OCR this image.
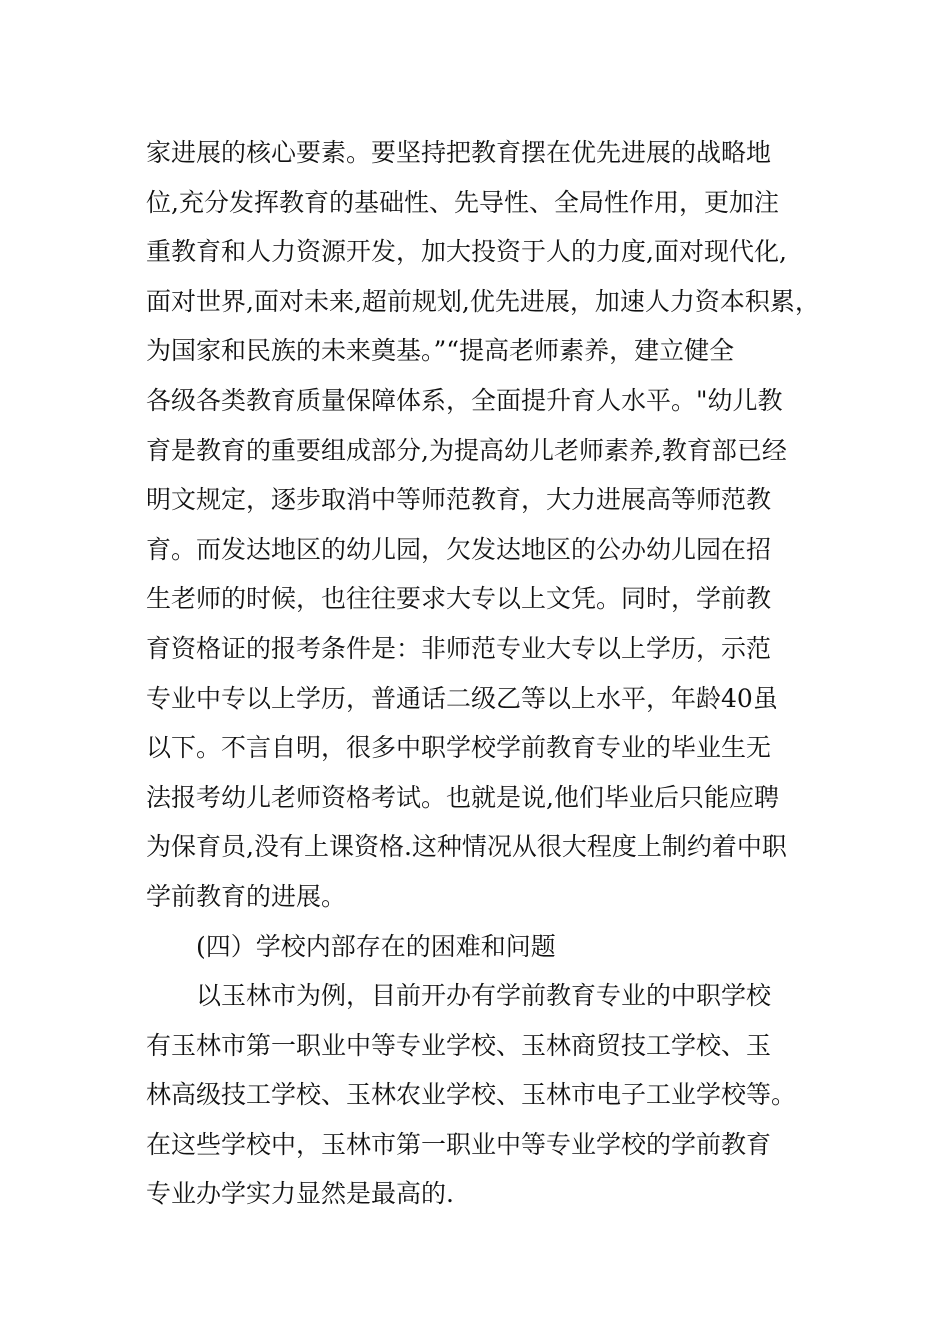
家进展的核心要素。要坚持把教育摆在优先进展的战略地
位,充分发挥教育的基础性、先导性、全局性作用，更加注
重教育和人力资源开发，加大投资于人的力度,面对现代化,
面对世界,面对未来,超前规划,优先进展，加速人力资本积累，
为国家和民族的未来奠基。”“提高老师素养，建立健全
各级各类教育质量保障体系，全面提升育人水平。"幼儿教
育是教育的重要组成部分,为提高幼儿老师素养,教育部已经
明文规定，逐步取消中等师范教育，大力进展高等师范教
育。而发达地区的幼儿园，欠发达地区的公办幼儿园在招
生老师的时候，也往往要求大专以上文凭。同时，学前教
育资格证的报考条件是：非师范专业大专以上学历，示范
专业中专以上学历，普通话二级乙等以上水平，年龄40虽
以下。不言自明，很多中职学校学前教育专业的毕业生无
法报考幼儿老师资格考试。也就是说,他们毕业后只能应聘
为保育员,没有上课资格.这种情况从很大程度上制约着中职
学前教育的进展。
(四）学校内部存在的困难和问题
以玉林市为例，目前开办有学前教育专业的中职学校
有玉林市第一职业中等专业学校、玉林商贸技工学校、玉
林高级技工学校、玉林农业学校、玉林市电子工业学校等。
在这些学校中，玉林市第一职业中等专业学校的学前教育
专业办学实力显然是最高的.
